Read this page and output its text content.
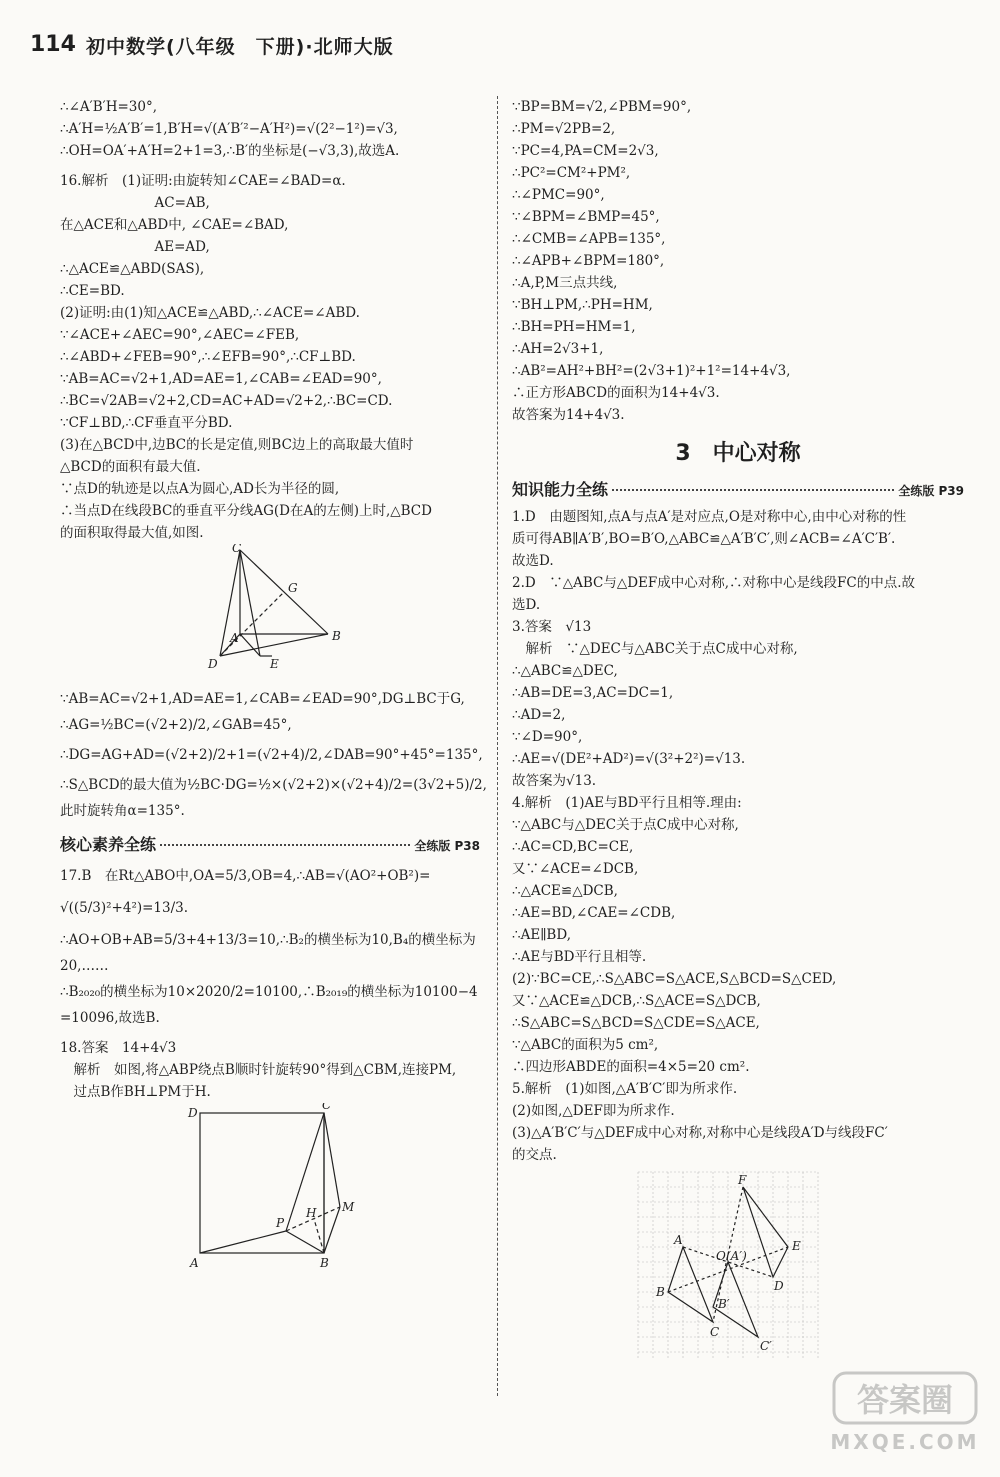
114 初中数学(八年级　下册)·北师大版
∴∠A′B′H=30°,
∴A′H=½A′B′=1,B′H=√(A′B′²−A′H²)=√(2²−1²)=√3,
∴OH=OA′+A′H=2+1=3,∴B′的坐标是(−√3,3),故选A.
16.解析　(1)证明:由旋转知∠CAE=∠BAD=α.
　　　　　　　AC=AB,
在△ACE和△ABD中, ∠CAE=∠BAD,
　　　　　　　AE=AD,
∴△ACE≌△ABD(SAS),
∴CE=BD.
(2)证明:由(1)知△ACE≌△ABD,∴∠ACE=∠ABD.
∵∠ACE+∠AEC=90°,∠AEC=∠FEB,
∴∠ABD+∠FEB=90°,∴∠EFB=90°,∴CF⊥BD.
∵AB=AC=√2+1,AD=AE=1,∠CAB=∠EAD=90°,
∴BC=√2AB=√2+2,CD=AC+AD=√2+2,∴BC=CD.
∵CF⊥BD,∴CF垂直平分BD.
(3)在△BCD中,边BC的长是定值,则BC边上的高取最大值时
△BCD的面积有最大值.
∵点D的轨迹是以点A为圆心,AD长为半径的圆,
∴当点D在线段BC的垂直平分线AG(D在A的左侧)上时,△BCD
的面积取得最大值,如图.
C
G
A	B
D	E
∵AB=AC=√2+1,AD=AE=1,∠CAB=∠EAD=90°,DG⊥BC于G,
∴AG=½BC=(√2+2)/2,∠GAB=45°,
∴DG=AG+AD=(√2+2)/2+1=(√2+4)/2,∠DAB=90°+45°=135°,
∴S△BCD的最大值为½BC·DG=½×(√2+2)×(√2+4)/2=(3√2+5)/2,
此时旋转角α=135°.
核心素养全练	全练版 P38
17.B　在Rt△ABO中,OA=5/3,OB=4,∴AB=√(AO²+OB²)=
√((5/3)²+4²)=13/3.
∴AO+OB+AB=5/3+4+13/3=10,∴B₂的横坐标为10,B₄的横坐标为
20,……
∴B₂₀₂₀的横坐标为10×2020/2=10100,∴B₂₀₁₉的横坐标为10100−4
=10096,故选B.
18.答案　14+4√3
　解析　如图,将△ABP绕点B顺时针旋转90°得到△CBM,连接PM,
　过点B作BH⊥PM于H.
D
C
P
H M
A	B
∵BP=BM=√2,∠PBM=90°,
∴PM=√2PB=2,
∵PC=4,PA=CM=2√3,
∴PC²=CM²+PM²,
∴∠PMC=90°,
∵∠BPM=∠BMP=45°,
∴∠CMB=∠APB=135°,
∴∠APB+∠BPM=180°,
∴A,P,M三点共线,
∵BH⊥PM,∴PH=HM,
∴BH=PH=HM=1,
∴AH=2√3+1,
∴AB²=AH²+BH²=(2√3+1)²+1²=14+4√3,
∴正方形ABCD的面积为14+4√3.
故答案为14+4√3.
3　中心对称
知识能力全练	全练版 P39
1.D　由题图知,点A与点A′是对应点,O是对称中心,由中心对称的性
质可得AB∥A′B′,BO=B′O,△ABC≌△A′B′C′,则∠ACB=∠A′C′B′.
故选D.
2.D　∵△ABC与△DEF成中心对称,∴对称中心是线段FC的中点.故
选D.
3.答案　√13
　解析　∵△DEC与△ABC关于点C成中心对称,
∴△ABC≌△DEC,
∴AB=DE=3,AC=DC=1,
∴AD=2,
∵∠D=90°,
∴AE=√(DE²+AD²)=√(3²+2²)=√13.
故答案为√13.
4.解析　(1)AE与BD平行且相等.理由:
∵△ABC与△DEC关于点C成中心对称,
∴AC=CD,BC=CE,
又∵∠ACE=∠DCB,
∴△ACE≌△DCB,
∴AE=BD,∠CAE=∠CDB,
∴AE∥BD,
∴AE与BD平行且相等.
(2)∵BC=CE,∴S△ABC=S△ACE,S△BCD=S△CED,
又∵△ACE≌△DCB,∴S△ACE=S△DCB,
∴S△ABC=S△BCD=S△CDE=S△ACE,
∵△ABC的面积为5 cm²,
∴四边形ABDE的面积=4×5=20 cm².
5.解析　(1)如图,△A′B′C′即为所求作.
(2)如图,△DEF即为所求作.
(3)△A′B′C′与△DEF成中心对称,对称中心是线段A′D与线段FC′
的交点.
F
E
A
O (A′)
D
B
B′
C
C′
答案圈
MXQE.COM
